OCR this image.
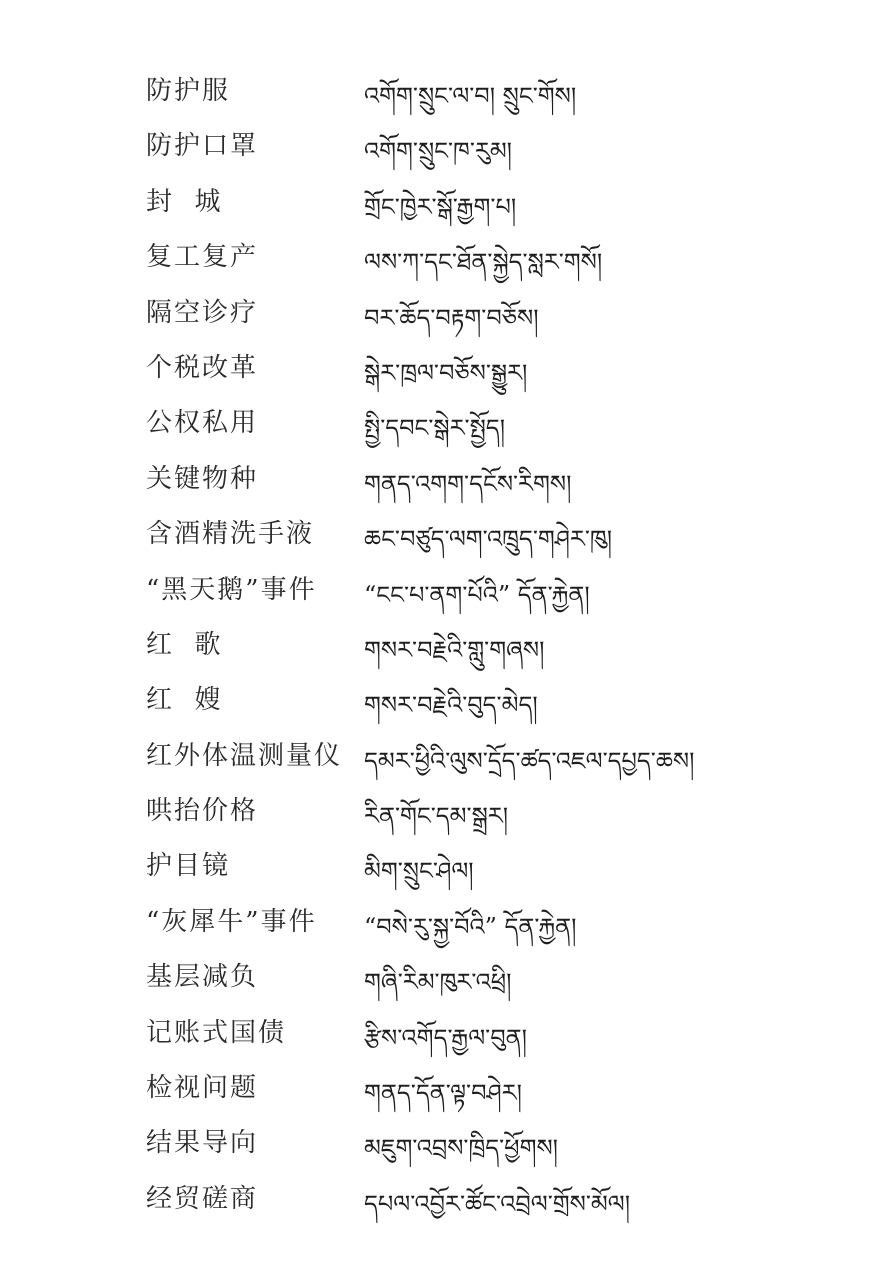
防护服	འགོག་སྲུང་ལ་བ། སྲུང་གོས།
防护口罩	འགོག་སྲུང་ཁ་རུམ།
封  城	གྲོང་ཁྱེར་སྒོ་རྒྱག་པ།
复工复产	ལས་ཀ་དང་ཐོན་སྐྱེད་སླར་གསོ།
隔空诊疗	བར་ཆོད་བརྟག་བཅོས།
个税改革	སྒེར་ཁྲལ་བཅོས་སྒྱུར།
公权私用	སྤྱི་དབང་སྒེར་སྤྱོད།
关键物种	གནད་འགག་དངོས་རིགས།
含酒精洗手液 ཆང་བཙུད་ལག་འཁྲུད་གཤེར་ཁུ།
“黑天鹅”事件 “ངང་པ་ནག་པོའི” དོན་རྐྱེན།
红  歌	གསར་བརྗེའི་གླུ་གཞས།
红  嫂	གསར་བརྗེའི་བུད་མེད།
红外体温测量仪 དམར་ཕྱིའི་ལུས་དྲོད་ཚད་འཇལ་དཔྱད་ཆས།
哄抬价格	རིན་གོང་དམ་སྒྲར།
护目镜	མིག་སྲུང་ཤེལ།
“灰犀牛”事件 “བསེ་རུ་སྐྱ་བོའི” དོན་རྐྱེན།
基层减负	གཞི་རིམ་ཁུར་འཕྲི།
记账式国债	རྩིས་འགོད་རྒྱལ་བུན།
检视问题	གནད་དོན་ལྟ་བཤེར།
结果导向	མཇུག་འབྲས་ཁྲིད་ཕྱོགས།
经贸磋商	དཔལ་འབྱོར་ཚོང་འབྲེལ་གྲོས་མོལ།
